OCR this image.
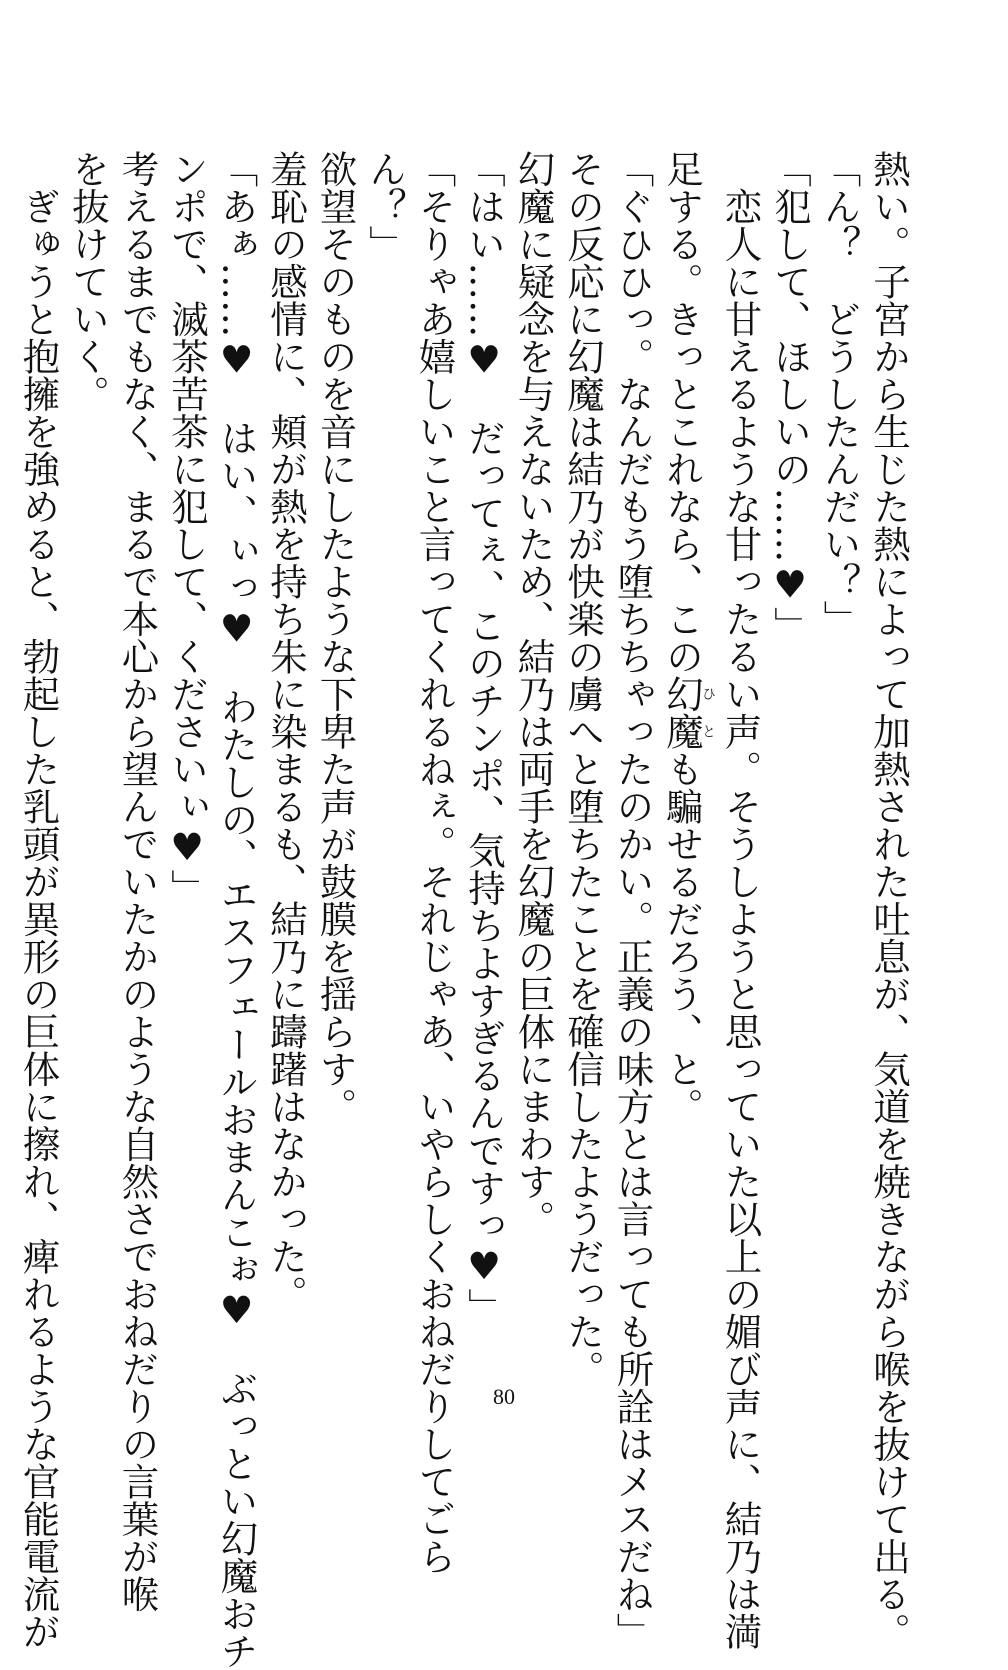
熱い。子宮から生じた熱によって加熱された吐息が、気道を焼きながら喉を抜けて出る。
「ん？　どうしたんだい？」
「犯して、ほしいの……♥」
　恋人に甘えるような甘ったるい声。そうしようと思っていた以上の媚び声に、結乃は満
足する。きっとこれなら、この幻魔ひとも騙せるだろう、と。
「ぐひひっ。なんだもう堕ちちゃったのかい。正義の味方とは言っても所詮はメスだね」
その反応に幻魔は結乃が快楽の虜へと堕ちたことを確信したようだった。
幻魔に疑念を与えないため、結乃は両手を幻魔の巨体にまわす。
「はい……♥　だってぇ、このチンポ、気持ちよすぎるんですっ♥」
「そりゃあ嬉しいこと言ってくれるねぇ。それじゃあ、いやらしくおねだりしてごら
ん？」
欲望そのものを音にしたような下卑た声が鼓膜を揺らす。
羞恥の感情に、頬が熱を持ち朱に染まるも、結乃に躊躇はなかった。
「あぁ……♥　はい、ぃっ♥　わたしの、エスフェールおまんこぉ♥　ぶっとい幻魔おチ
ンポで、滅茶苦茶に犯して、くださいぃ♥」
考えるまでもなく、まるで本心から望んでいたかのような自然さでおねだりの言葉が喉
を抜けていく。
　ぎゅうと抱擁を強めると、勃起した乳頭が異形の巨体に擦れ、痺れるような官能電流が	80
